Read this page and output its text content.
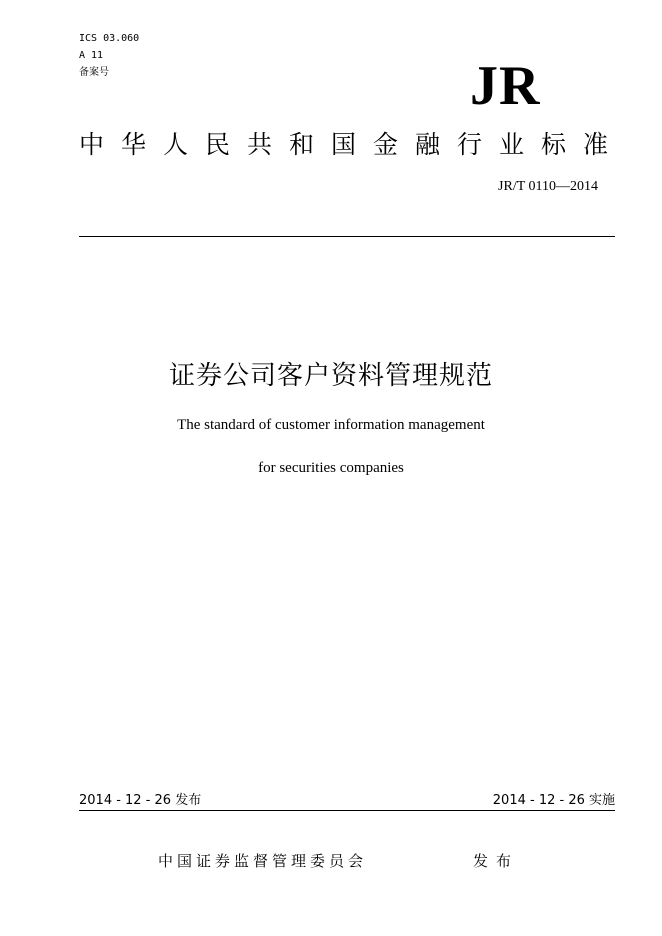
ICS 03.060
A 11
备案号	JR
中华人民共和国金融行业标准
JR/T 0110—2014
证券公司客户资料管理规范
The standard of customer information management
for securities companies
2014 - 12 - 26 发布	2014 - 12 - 26 实施
中国证券监督管理委员会	发布
